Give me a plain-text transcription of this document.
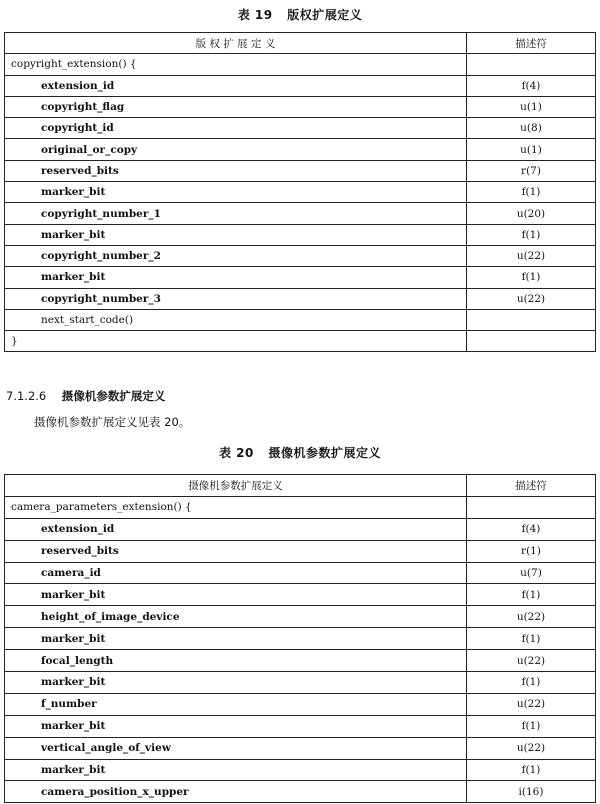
表 19 版权扩展定义
版 权 扩 展 定 义	描述符
copyright_extension() {	
extension_id	f(4)
copyright_flag	u(1)
copyright_id	u(8)
original_or_copy	u(1)
reserved_bits	r(7)
marker_bit	f(1)
copyright_number_1	u(20)
marker_bit	f(1)
copyright_number_2	u(22)
marker_bit	f(1)
copyright_number_3	u(22)
next_start_code()	
}	
7.1.2.6 摄像机参数扩展定义
摄像机参数扩展定义见表 20。
表 20 摄像机参数扩展定义
摄像机参数扩展定义	描述符
camera_parameters_extension() {	
extension_id	f(4)
reserved_bits	r(1)
camera_id	u(7)
marker_bit	f(1)
height_of_image_device	u(22)
marker_bit	f(1)
focal_length	u(22)
marker_bit	f(1)
f_number	u(22)
marker_bit	f(1)
vertical_angle_of_view	u(22)
marker_bit	f(1)
camera_position_x_upper	i(16)
